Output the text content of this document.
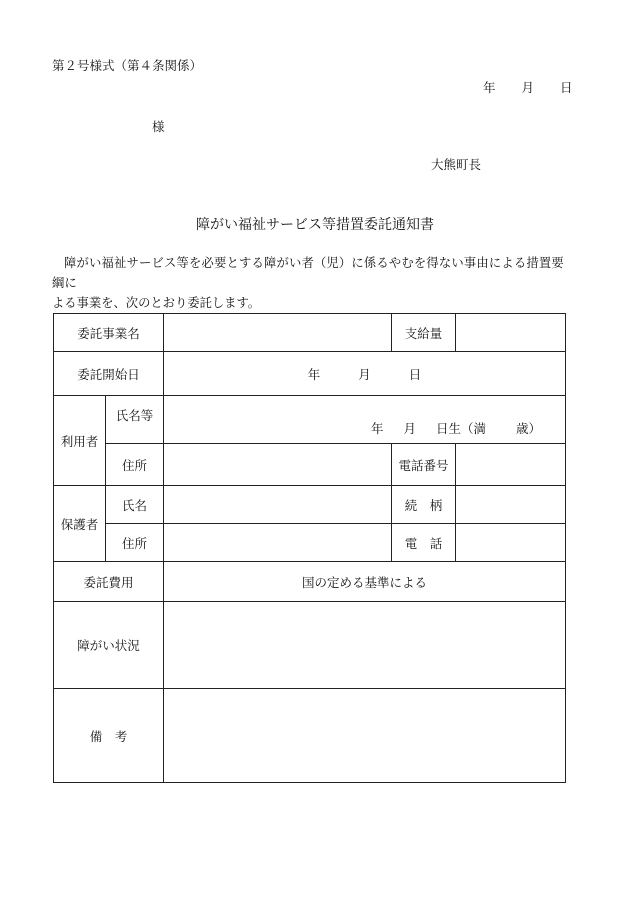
第２号様式（第４条関係）
年 月 日
様
大熊町長
障がい福祉サービス等措置委託通知書

障がい福祉サービス等を必要とする障がい者（児）に係るやむを得ない事由による措置要綱に

よる事業を、次のとおり委託します。

委託事業名			支給量	
委託開始日		年 月 日		
利用者	氏名等	年 月 日生（満 歳）		
	住所		電話番号	
保護者	氏名		続　柄	
	住所		電　話	
委託費用		国の定める基準による		
障がい状況				
備　考				
